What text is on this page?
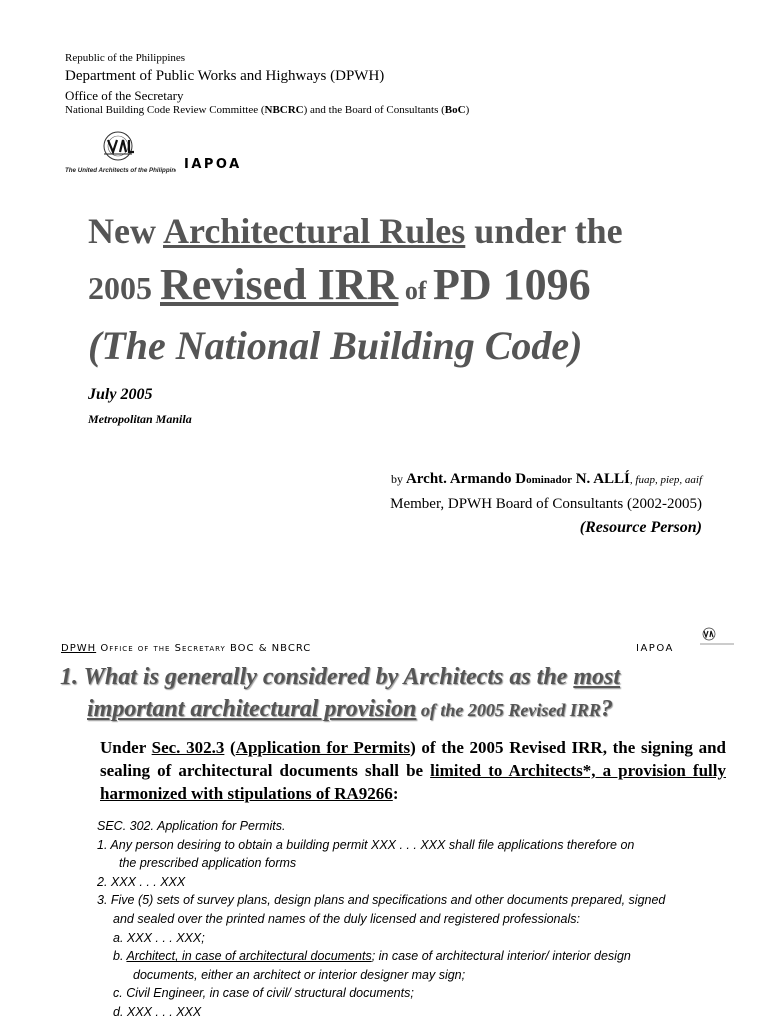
Republic of the Philippines
Department of Public Works and Highways (DPWH)
Office of the Secretary
National Building Code Review Committee (NBCRC) and the Board of Consultants (BoC)
The United Architects of the Philippines IAPOA
New Architectural Rules under the
2005 Revised IRR of PD 1096
(The National Building Code)
July 2005
Metropolitan Manila
by Archt. Armando Dominador N. ALLÍ, fuap, piep, aaif
Member, DPWH Board of Consultants (2002-2005)
(Resource Person)
DPWH Office of the Secretary BOC & NBCRC	IAPOA
1. What is generally considered by Architects as the most
important architectural provision of the 2005 Revised IRR?
Under Sec. 302.3 (Application for Permits) of the 2005 Revised IRR, the signing and sealing of architectural documents shall be limited to Architects*, a provision fully harmonized with stipulations of RA9266:
SEC. 302. Application for Permits.
1. Any person desiring to obtain a building permit XXX . . . XXX shall file applications therefore on
the prescribed application forms
2. XXX . . . XXX
3. Five (5) sets of survey plans, design plans and specifications and other documents prepared, signed
and sealed over the printed names of the duly licensed and registered professionals:
a. XXX . . . XXX;
b. Architect, in case of architectural documents; in case of architectural interior/ interior design
documents, either an architect or interior designer may sign;
c. Civil Engineer, in case of civil/ structural documents;
d. XXX . . . XXX
